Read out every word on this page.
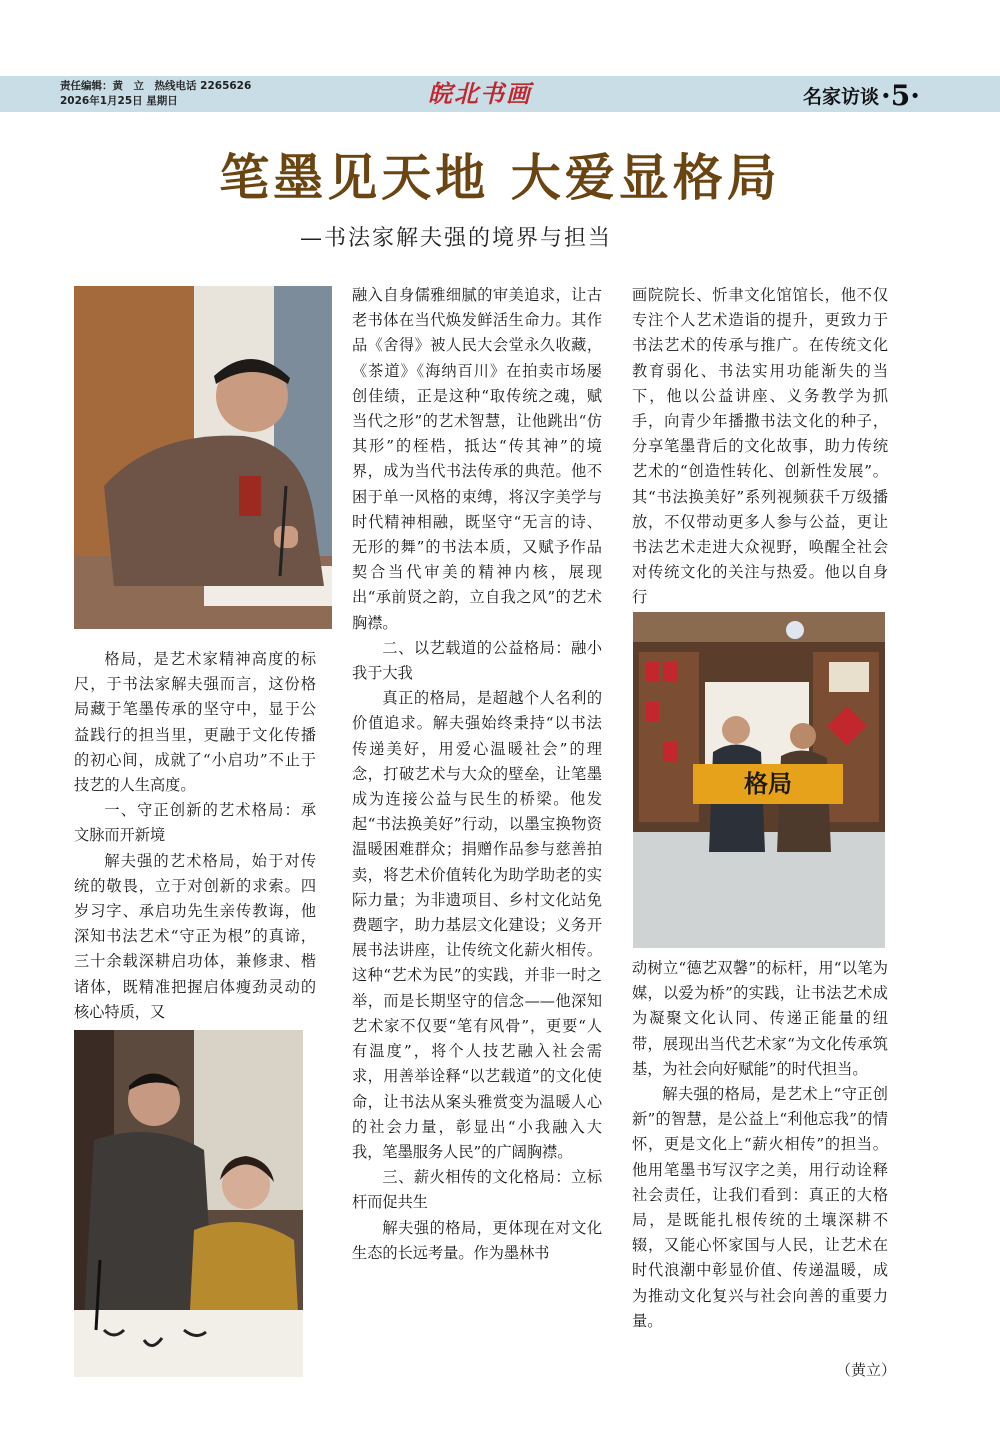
责任编辑：黄　立　热线电话 2265626
2026年1月25日 星期日	皖北书画	名家访谈 ·5·
笔墨见天地 大爱显格局
—书法家解夫强的境界与担当

格局，是艺术家精神高度的标尺，于书法家解夫强而言，这份格局藏于笔墨传承的坚守中，显于公益践行的担当里，更融于文化传播的初心间，成就了“小启功”不止于技艺的人生高度。

一、守正创新的艺术格局：承文脉而开新境

解夫强的艺术格局，始于对传统的敬畏，立于对创新的求索。四岁习字、承启功先生亲传教诲，他深知书法艺术“守正为根”的真谛，三十余载深耕启功体，兼修隶、楷诸体，既精准把握启体瘦劲灵动的核心特质，又

融入自身儒雅细腻的审美追求，让古老书体在当代焕发鲜活生命力。其作品《舍得》被人民大会堂永久收藏，《茶道》《海纳百川》在拍卖市场屡创佳绩，正是这种“取传统之魂，赋当代之形”的艺术智慧，让他跳出“仿其形”的桎梏，抵达“传其神”的境界，成为当代书法传承的典范。他不困于单一风格的束缚，将汉字美学与时代精神相融，既坚守“无言的诗、无形的舞”的书法本质，又赋予作品契合当代审美的精神内核，展现出“承前贤之韵，立自我之风”的艺术胸襟。

二、以艺载道的公益格局：融小我于大我

真正的格局，是超越个人名利的价值追求。解夫强始终秉持“以书法传递美好，用爱心温暖社会”的理念，打破艺术与大众的壁垒，让笔墨成为连接公益与民生的桥梁。他发起“书法换美好”行动，以墨宝换物资温暖困难群众；捐赠作品参与慈善拍卖，将艺术价值转化为助学助老的实际力量；为非遗项目、乡村文化站免费题字，助力基层文化建设；义务开展书法讲座，让传统文化薪火相传。这种“艺术为民”的实践，并非一时之举，而是长期坚守的信念——他深知艺术家不仅要“笔有风骨”，更要“人有温度”，将个人技艺融入社会需求，用善举诠释“以艺载道”的文化使命，让书法从案头雅赏变为温暖人心的社会力量，彰显出“小我融入大我，笔墨服务人民”的广阔胸襟。

三、薪火相传的文化格局：立标杆而促共生

解夫强的格局，更体现在对文化生态的长远考量。作为墨林书

画院院长、忻聿文化馆馆长，他不仅专注个人艺术造诣的提升，更致力于书法艺术的传承与推广。在传统文化教育弱化、书法实用功能渐失的当下，他以公益讲座、义务教学为抓手，向青少年播撒书法文化的种子，分享笔墨背后的文化故事，助力传统艺术的“创造性转化、创新性发展”。其“书法换美好”系列视频获千万级播放，不仅带动更多人参与公益，更让书法艺术走进大众视野，唤醒全社会对传统文化的关注与热爱。他以自身行

格局

动树立“德艺双馨”的标杆，用“以笔为媒，以爱为桥”的实践，让书法艺术成为凝聚文化认同、传递正能量的纽带，展现出当代艺术家“为文化传承筑基，为社会向好赋能”的时代担当。

解夫强的格局，是艺术上“守正创新”的智慧，是公益上“利他忘我”的情怀，更是文化上“薪火相传”的担当。他用笔墨书写汉字之美，用行动诠释社会责任，让我们看到：真正的大格局，是既能扎根传统的土壤深耕不辍，又能心怀家国与人民，让艺术在时代浪潮中彰显价值、传递温暖，成为推动文化复兴与社会向善的重要力量。

（黄立）
